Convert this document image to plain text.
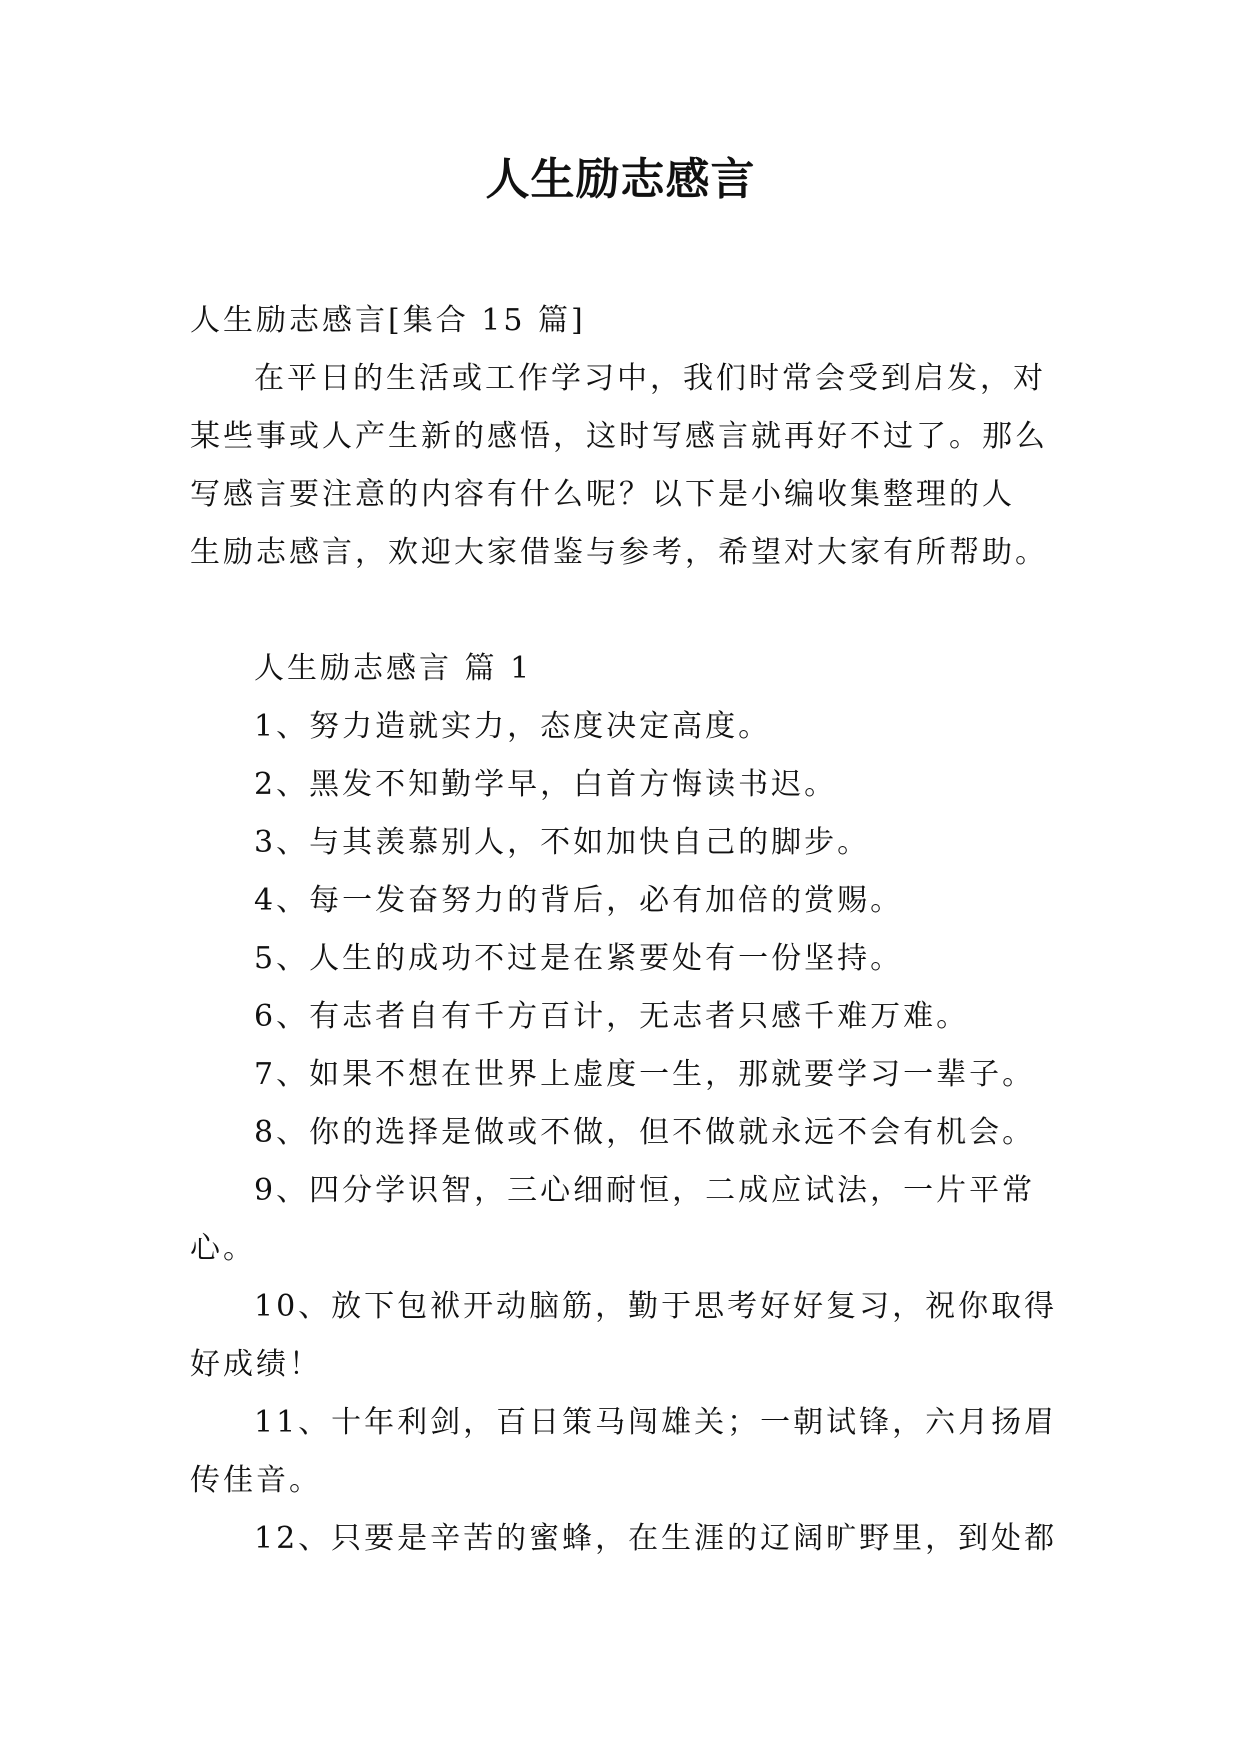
人生励志感言
人生励志感言[集合 15 篇]
在平日的生活或工作学习中，我们时常会受到启发，对
某些事或人产生新的感悟，这时写感言就再好不过了。那么
写感言要注意的内容有什么呢？以下是小编收集整理的人
生励志感言，欢迎大家借鉴与参考，希望对大家有所帮助。
人生励志感言 篇 1
1、努力造就实力，态度决定高度。
2、黑发不知勤学早，白首方悔读书迟。
3、与其羡慕别人，不如加快自己的脚步。
4、每一发奋努力的背后，必有加倍的赏赐。
5、人生的成功不过是在紧要处有一份坚持。
6、有志者自有千方百计，无志者只感千难万难。
7、如果不想在世界上虚度一生，那就要学习一辈子。
8、你的选择是做或不做，但不做就永远不会有机会。
9、四分学识智，三心细耐恒，二成应试法，一片平常
心。
10、放下包袱开动脑筋，勤于思考好好复习，祝你取得
好成绩！
11、十年利剑，百日策马闯雄关；一朝试锋，六月扬眉
传佳音。
12、只要是辛苦的蜜蜂，在生涯的辽阔旷野里，到处都
